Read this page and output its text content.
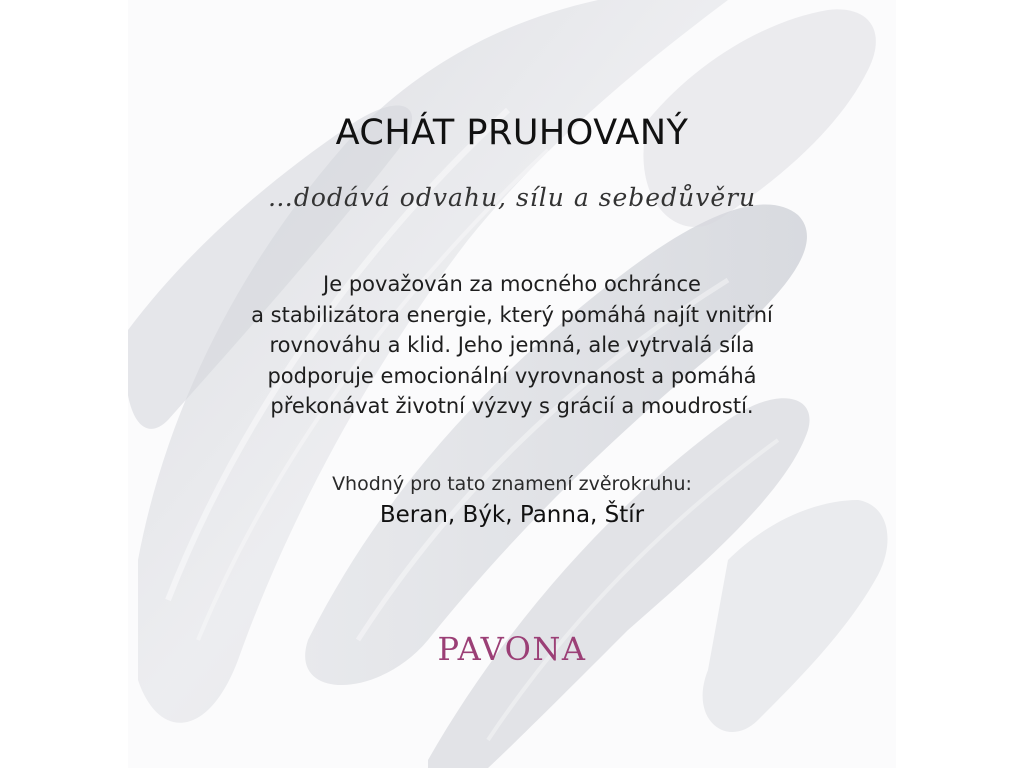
ACHÁT PRUHOVANÝ
…dodává odvahu, sílu a sebedůvěru
Je považován za mocného ochránce
a stabilizátora energie, který pomáhá najít vnitřní
rovnováhu a klid. Jeho jemná, ale vytrvalá síla
podporuje emocionální vyrovnanost a pomáhá
překonávat životní výzvy s grácií a moudrostí.
Vhodný pro tato znamení zvěrokruhu:
Beran, Býk, Panna, Štír
PAVONA
